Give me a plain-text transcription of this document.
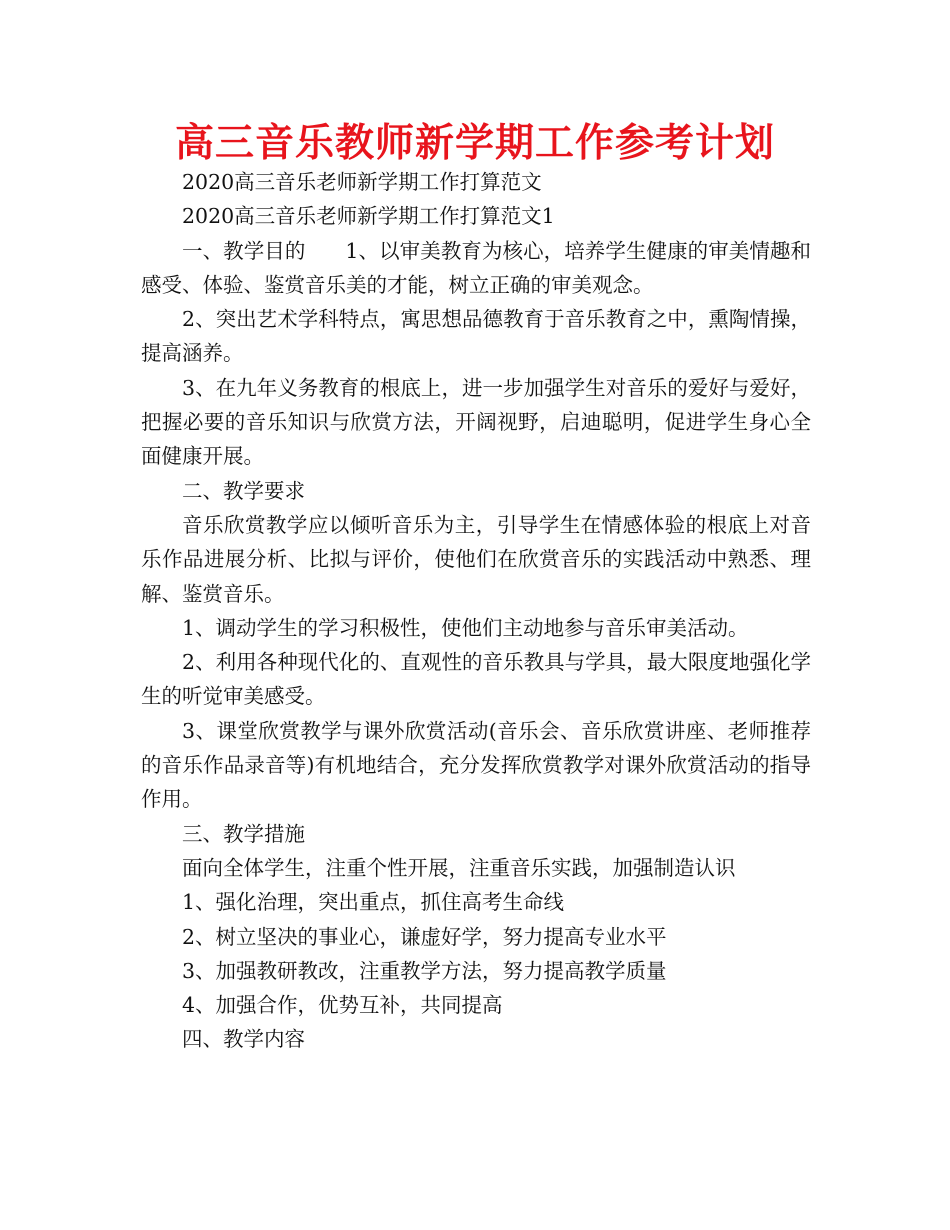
高三音乐教师新学期工作参考计划

2020高三音乐老师新学期工作打算范文

2020高三音乐老师新学期工作打算范文1

一、教学目的 1、以审美教育为核心，培养学生健康的审美情趣和感受、体验、鉴赏音乐美的才能，树立正确的审美观念。

2、突出艺术学科特点，寓思想品德教育于音乐教育之中，熏陶情操，提高涵养。

3、在九年义务教育的根底上，进一步加强学生对音乐的爱好与爱好，把握必要的音乐知识与欣赏方法，开阔视野，启迪聪明，促进学生身心全面健康开展。

二、教学要求

音乐欣赏教学应以倾听音乐为主，引导学生在情感体验的根底上对音乐作品进展分析、比拟与评价，使他们在欣赏音乐的实践活动中熟悉、理解、鉴赏音乐。

1、调动学生的学习积极性，使他们主动地参与音乐审美活动。

2、利用各种现代化的、直观性的音乐教具与学具，最大限度地强化学生的听觉审美感受。

3、课堂欣赏教学与课外欣赏活动(音乐会、音乐欣赏讲座、老师推荐的音乐作品录音等)有机地结合，充分发挥欣赏教学对课外欣赏活动的指导作用。

三、教学措施

面向全体学生，注重个性开展，注重音乐实践，加强制造认识

1、强化治理，突出重点，抓住高考生命线

2、树立坚决的事业心，谦虚好学，努力提高专业水平

3、加强教研教改，注重教学方法，努力提高教学质量

4、加强合作，优势互补，共同提高

四、教学内容
